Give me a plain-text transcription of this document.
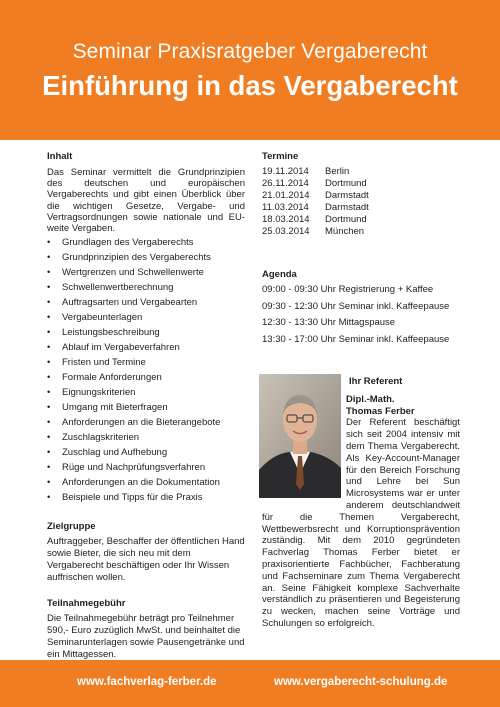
Seminar Praxisratgeber Vergaberecht
Einführung in das Vergaberecht
Inhalt

Das Seminar vermittelt die Grundprinzipien des deutschen und europäischen Vergaberechts und gibt einen Überblick über die wichtigen Gesetze, Vergabe- und Vertragsordnungen sowie nationale und EU-weite Vergaben.

• Grundlagen des Vergaberechts
• Grundprinzipien des Vergaberechts
• Wertgrenzen und Schwellenwerte
• Schwellenwertberechnung
• Auftragsarten und Vergabearten
• Vergabeunterlagen
• Leistungsbeschreibung
• Ablauf im Vergabeverfahren
• Fristen und Termine
• Formale Anforderungen
• Eignungskriterien
• Umgang mit Bieterfragen
• Anforderungen an die Bieterangebote
• Zuschlagskriterien
• Zuschlag und Aufhebung
• Rüge und Nachprüfungsverfahren
• Anforderungen an die Dokumentation
• Beispiele und Tipps für die Praxis
Zielgruppe

Auftraggeber, Beschaffer der öffentlichen Hand sowie Bieter, die sich neu mit dem Vergaberecht beschäftigen oder Ihr Wissen auffrischen wollen.

Teilnahmegebühr

Die Teilnahmegebühr beträgt pro Teilnehmer 590,- Euro zuzüglich MwSt. und beinhaltet die Seminarunterlagen sowie Pausengetränke und ein Mittagessen.

Termine
19.11.2014	Berlin
26.11.2014	Dortmund
21.01.2014	Darmstadt
11.03.2014	Darmstadt
18.03.2014	Dortmund
25.03.2014	München
Agenda
09:00 - 09:30 Uhr Registrierung + Kaffee
09:30 - 12:30 Uhr Seminar inkl. Kaffeepause
12:30 - 13:30 Uhr Mittagspause
13:30 - 17:00 Uhr Seminar inkl. Kaffeepause
Ihr Referent
Dipl.-Math.
Thomas Ferber

Der Referent beschäftigt sich seit 2004 intensiv mit dem Thema Vergaberecht. Als Key-Account-Manager für den Bereich Forschung und Lehre bei Sun Microsystems war er unter anderem deutschlandweit für die Themen Vergaberecht, Wettbewerbsrecht und Korruptionsprävention zuständig. Mit dem 2010 gegründeten Fachverlag Thomas Ferber bietet er praxisorientierte Fachbücher, Fachberatung und Fachseminare zum Thema Vergaberecht an. Seine Fähigkeit komplexe Sachverhalte verständlich zu präsentieren und Begeisterung zu wecken, machen seine Vorträge und Schulungen so erfolgreich.

www.fachverlag-ferber.de	www.vergaberecht-schulung.de
